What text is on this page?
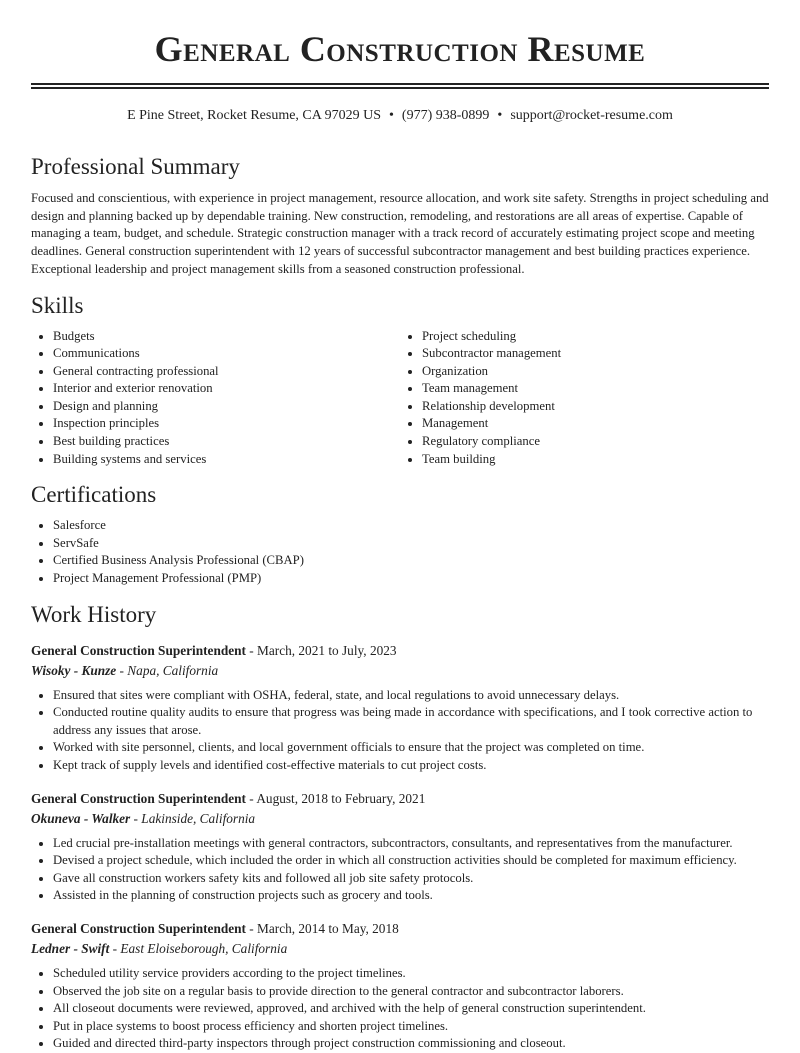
General Construction Resume
E Pine Street, Rocket Resume, CA 97029 US • (977) 938-0899 • support@rocket-resume.com
Professional Summary

Focused and conscientious, with experience in project management, resource allocation, and work site safety. Strengths in project scheduling and design and planning backed up by dependable training. New construction, remodeling, and restorations are all areas of expertise. Capable of managing a team, budget, and schedule. Strategic construction manager with a track record of accurately estimating project scope and meeting deadlines. General construction superintendent with 12 years of successful subcontractor management and best building practices experience. Exceptional leadership and project management skills from a seasoned construction professional.

Skills
• Budgets
• Communications
• General contracting professional
• Interior and exterior renovation
• Design and planning
• Inspection principles
• Best building practices
• Building systems and services
• Project scheduling
• Subcontractor management
• Organization
• Team management
• Relationship development
• Management
• Regulatory compliance
• Team building
Certifications
• Salesforce
• ServSafe
• Certified Business Analysis Professional (CBAP)
• Project Management Professional (PMP)
Work History
General Construction Superintendent - March, 2021 to July, 2023
Wisoky - Kunze - Napa, California
• Ensured that sites were compliant with OSHA, federal, state, and local regulations to avoid unnecessary delays.
• Conducted routine quality audits to ensure that progress was being made in accordance with specifications, and I took corrective action to address any issues that arose.
• Worked with site personnel, clients, and local government officials to ensure that the project was completed on time.
• Kept track of supply levels and identified cost-effective materials to cut project costs.
General Construction Superintendent - August, 2018 to February, 2021
Okuneva - Walker - Lakinside, California
• Led crucial pre-installation meetings with general contractors, subcontractors, consultants, and representatives from the manufacturer.
• Devised a project schedule, which included the order in which all construction activities should be completed for maximum efficiency.
• Gave all construction workers safety kits and followed all job site safety protocols.
• Assisted in the planning of construction projects such as grocery and tools.
General Construction Superintendent - March, 2014 to May, 2018
Ledner - Swift - East Eloiseborough, California
• Scheduled utility service providers according to the project timelines.
• Observed the job site on a regular basis to provide direction to the general contractor and subcontractor laborers.
• All closeout documents were reviewed, approved, and archived with the help of general construction superintendent.
• Put in place systems to boost process efficiency and shorten project timelines.
• Guided and directed third-party inspectors through project construction commissioning and closeout.
